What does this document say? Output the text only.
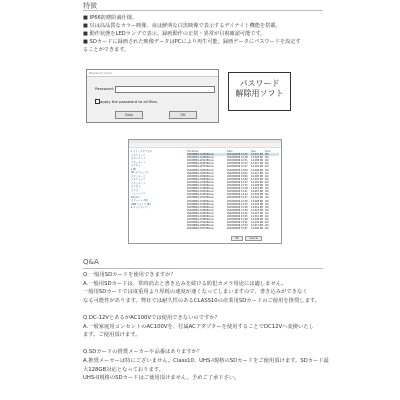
特徴

■ IP66防塵防滴仕様。

■ 昼は高品質なカラー映像、夜は鮮明な白黒映像で表示するデイナイト機能を搭載。

■ 動作状態をLEDランプで表示。録画動作の正常・異常が目視確認可能です。

■ SDカードに録画された映像データはPCにより再生可能。録画データにパスワードを設定す

ることができます。

Password Input
Password:
apply the password to all files.
Skip	OK
パスワード
解除用ソフト
▾ クイックアクセス
デスクトップ
ダウンロード
ドキュメント
ピクチャ
▾ PC
3D オブジェクト
ダウンロード
デスクトップ
ドキュメント
ピクチャ
ビデオ
ミュージック
OS (C:)
ボリューム (D:)
USB ドライブ (E:)
▸ ネットワーク
File Name	Date	Size	Type
20180809-124506V.avi	2018/08/09 12:45	14,321 KB AVI
20180809-124806V.avi	2018/08/09 12:48	14,309 KB AVI
20180809-125106V.avi	2018/08/09 12:51	14,288 KB AVI
20180809-125406V.avi	2018/08/09 12:54	14,315 KB AVI
20180809-125706V.avi	2018/08/09 12:57	14,302 KB AVI
20180809-130006V.avi	2018/08/09 13:00	14,296 KB AVI
20180809-130306V.avi	2018/08/09 13:03	14,311 KB AVI
20180809-130606V.avi	2018/08/09 13:06	14,290 KB AVI
20180809-130906V.avi	2018/08/09 13:09	14,318 KB AVI
20180809-131206V.avi	2018/08/09 13:12	14,305 KB AVI
20180809-131506V.avi	2018/08/09 13:15	14,299 KB AVI
20180809-131806V.avi	2018/08/09 13:18	14,312 KB AVI
20180809-132106V.avi	2018/08/09 13:21	14,287 KB AVI
20180809-132406V.avi	2018/08/09 13:24	14,320 KB AVI
20180809-132706V.avi	2018/08/09 13:27	14,301 KB AVI
20180809-133006V.avi	2018/08/09 13:30	14,308 KB AVI
20180809-133306V.avi	2018/08/09 13:33	14,294 KB AVI
20180809-133606V.avi	2018/08/09 13:36	14,316 KB AVI
20180809-133906V.avi	2018/08/09 13:39	14,303 KB AVI
20180809-134206V.avi	2018/08/09 13:42	14,297 KB AVI
20180809-134506V.avi	2018/08/09 13:45	14,310 KB AVI
20180809-134806V.avi	2018/08/09 13:48	14,306 KB AVI
20180809-135106V.avi	2018/08/09 13:51	14,292 KB AVI
20180809-135406V.avi	2018/08/09 13:54	14,313 KB AVI
20180809-135706V.avi	2018/08/09 13:57	14,300 KB AVI
OK	Cancel
Q&A

Q.一般用SDカードを使用できますか？

A.一般用SDカードは、常時消去と書き込みを続ける防犯カメラ用途には適しません。

一般用SDカードでは度重用より厚耗の速度が速くなってしまいますので、書き込みができなく

なる可能性があります。弊社では耐久性のあるCLASS10の産業用SDカードのご使用を推奨します。

Q.DC-12VとあるがAC100Vでは使用できないのですか？

A.一般家庭用コンセントのAC100Vを、付属ACアダプターを使用することでDC12Vへ変換いたし

ます。ご使用頂けます。

Q.SDカードの推奨メーカーや品番はありますか？

A.推奨メーカーは特にございません。Class10、UHS-I規格のSDカードをご使用頂けます。SDカード最

大128GB対応となっております。

UHS-II規格のSDカードはご使用頂けません。予めご了承下さい。
